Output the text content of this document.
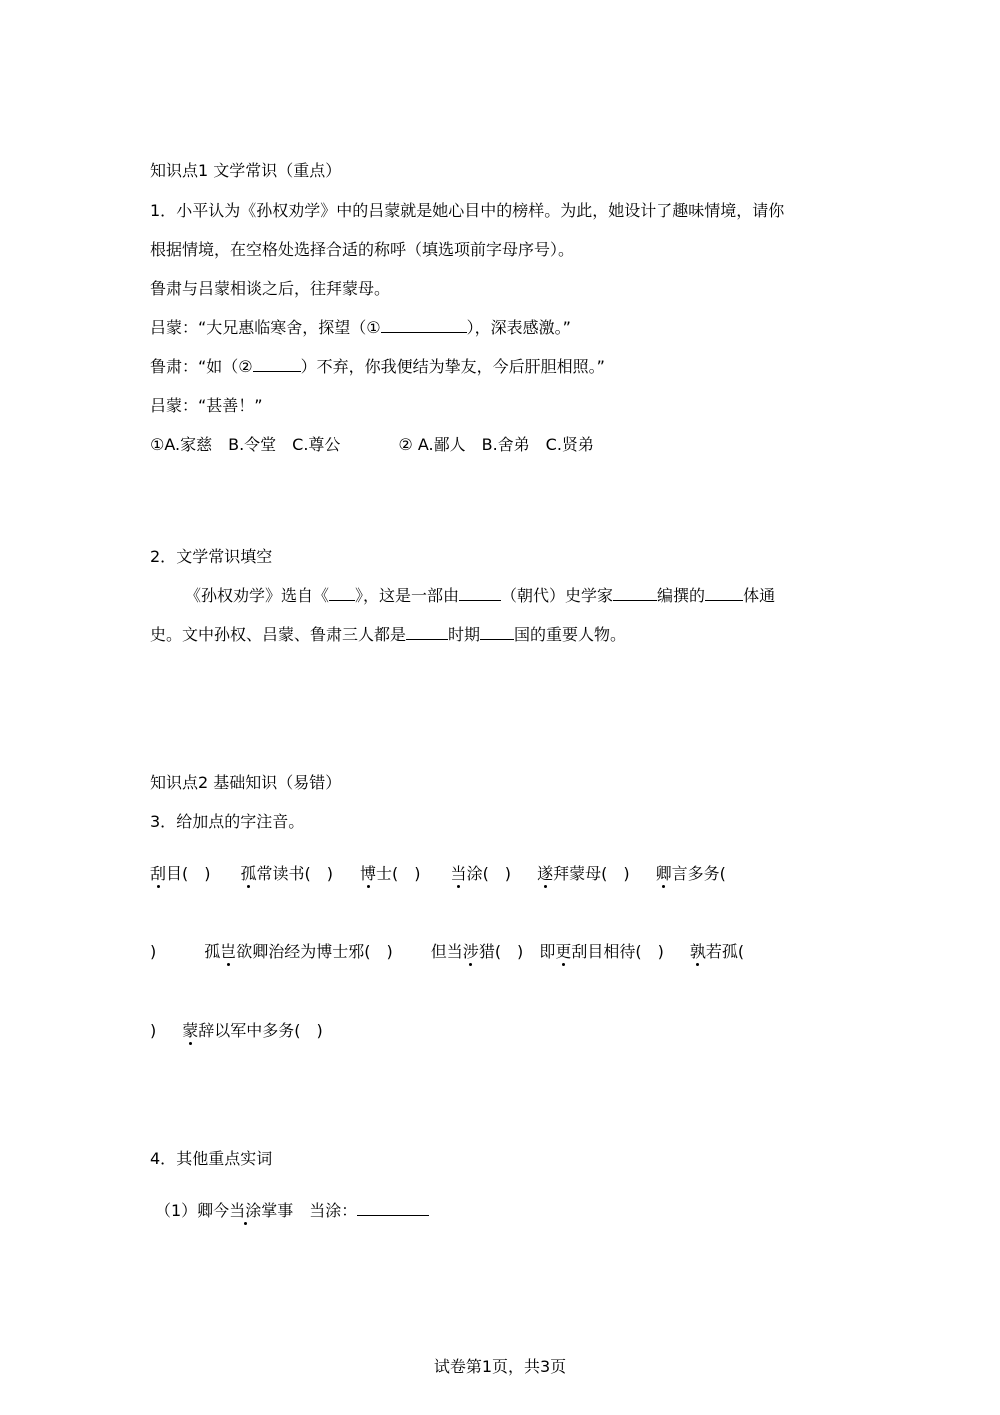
知识点1 文学常识（重点）
1．小平认为《孙权劝学》中的吕蒙就是她心目中的榜样。为此，她设计了趣味情境，请你
根据情境，在空格处选择合适的称呼（填选项前字母序号）。
鲁肃与吕蒙相谈之后，往拜蒙母。
吕蒙：“大兄惠临寒舍，探望（①	），深表感激。”
鲁肃：“如（②	）不弃，你我便结为挚友，今后肝胆相照。”
吕蒙：“甚善！”
①A.家慈　B.令堂　C.尊公	② A.鄙人　B.舍弟　C.贤弟
2．文学常识填空
《孙权劝学》选自《 》，这是一部由	（朝代）史学家	编撰的 体通
史。文中孙权、吕蒙、鲁肃三人都是	时期 国的重要人物。
知识点2 基础知识（易错）
3．给加点的字注音。
刮目(　) 孤常读书(　) 博士(　) 当涂(　) 遂拜蒙母(　) 卿言多务(
)	孤岂欲卿治经为博士邪(　) 但当涉猎(　) 即更刮目相待(　) 孰若孤(
) 蒙辞以军中多务(　)
4．其他重点实词
（1）卿今当涂掌事　当涂：
试卷第1页，共3页
